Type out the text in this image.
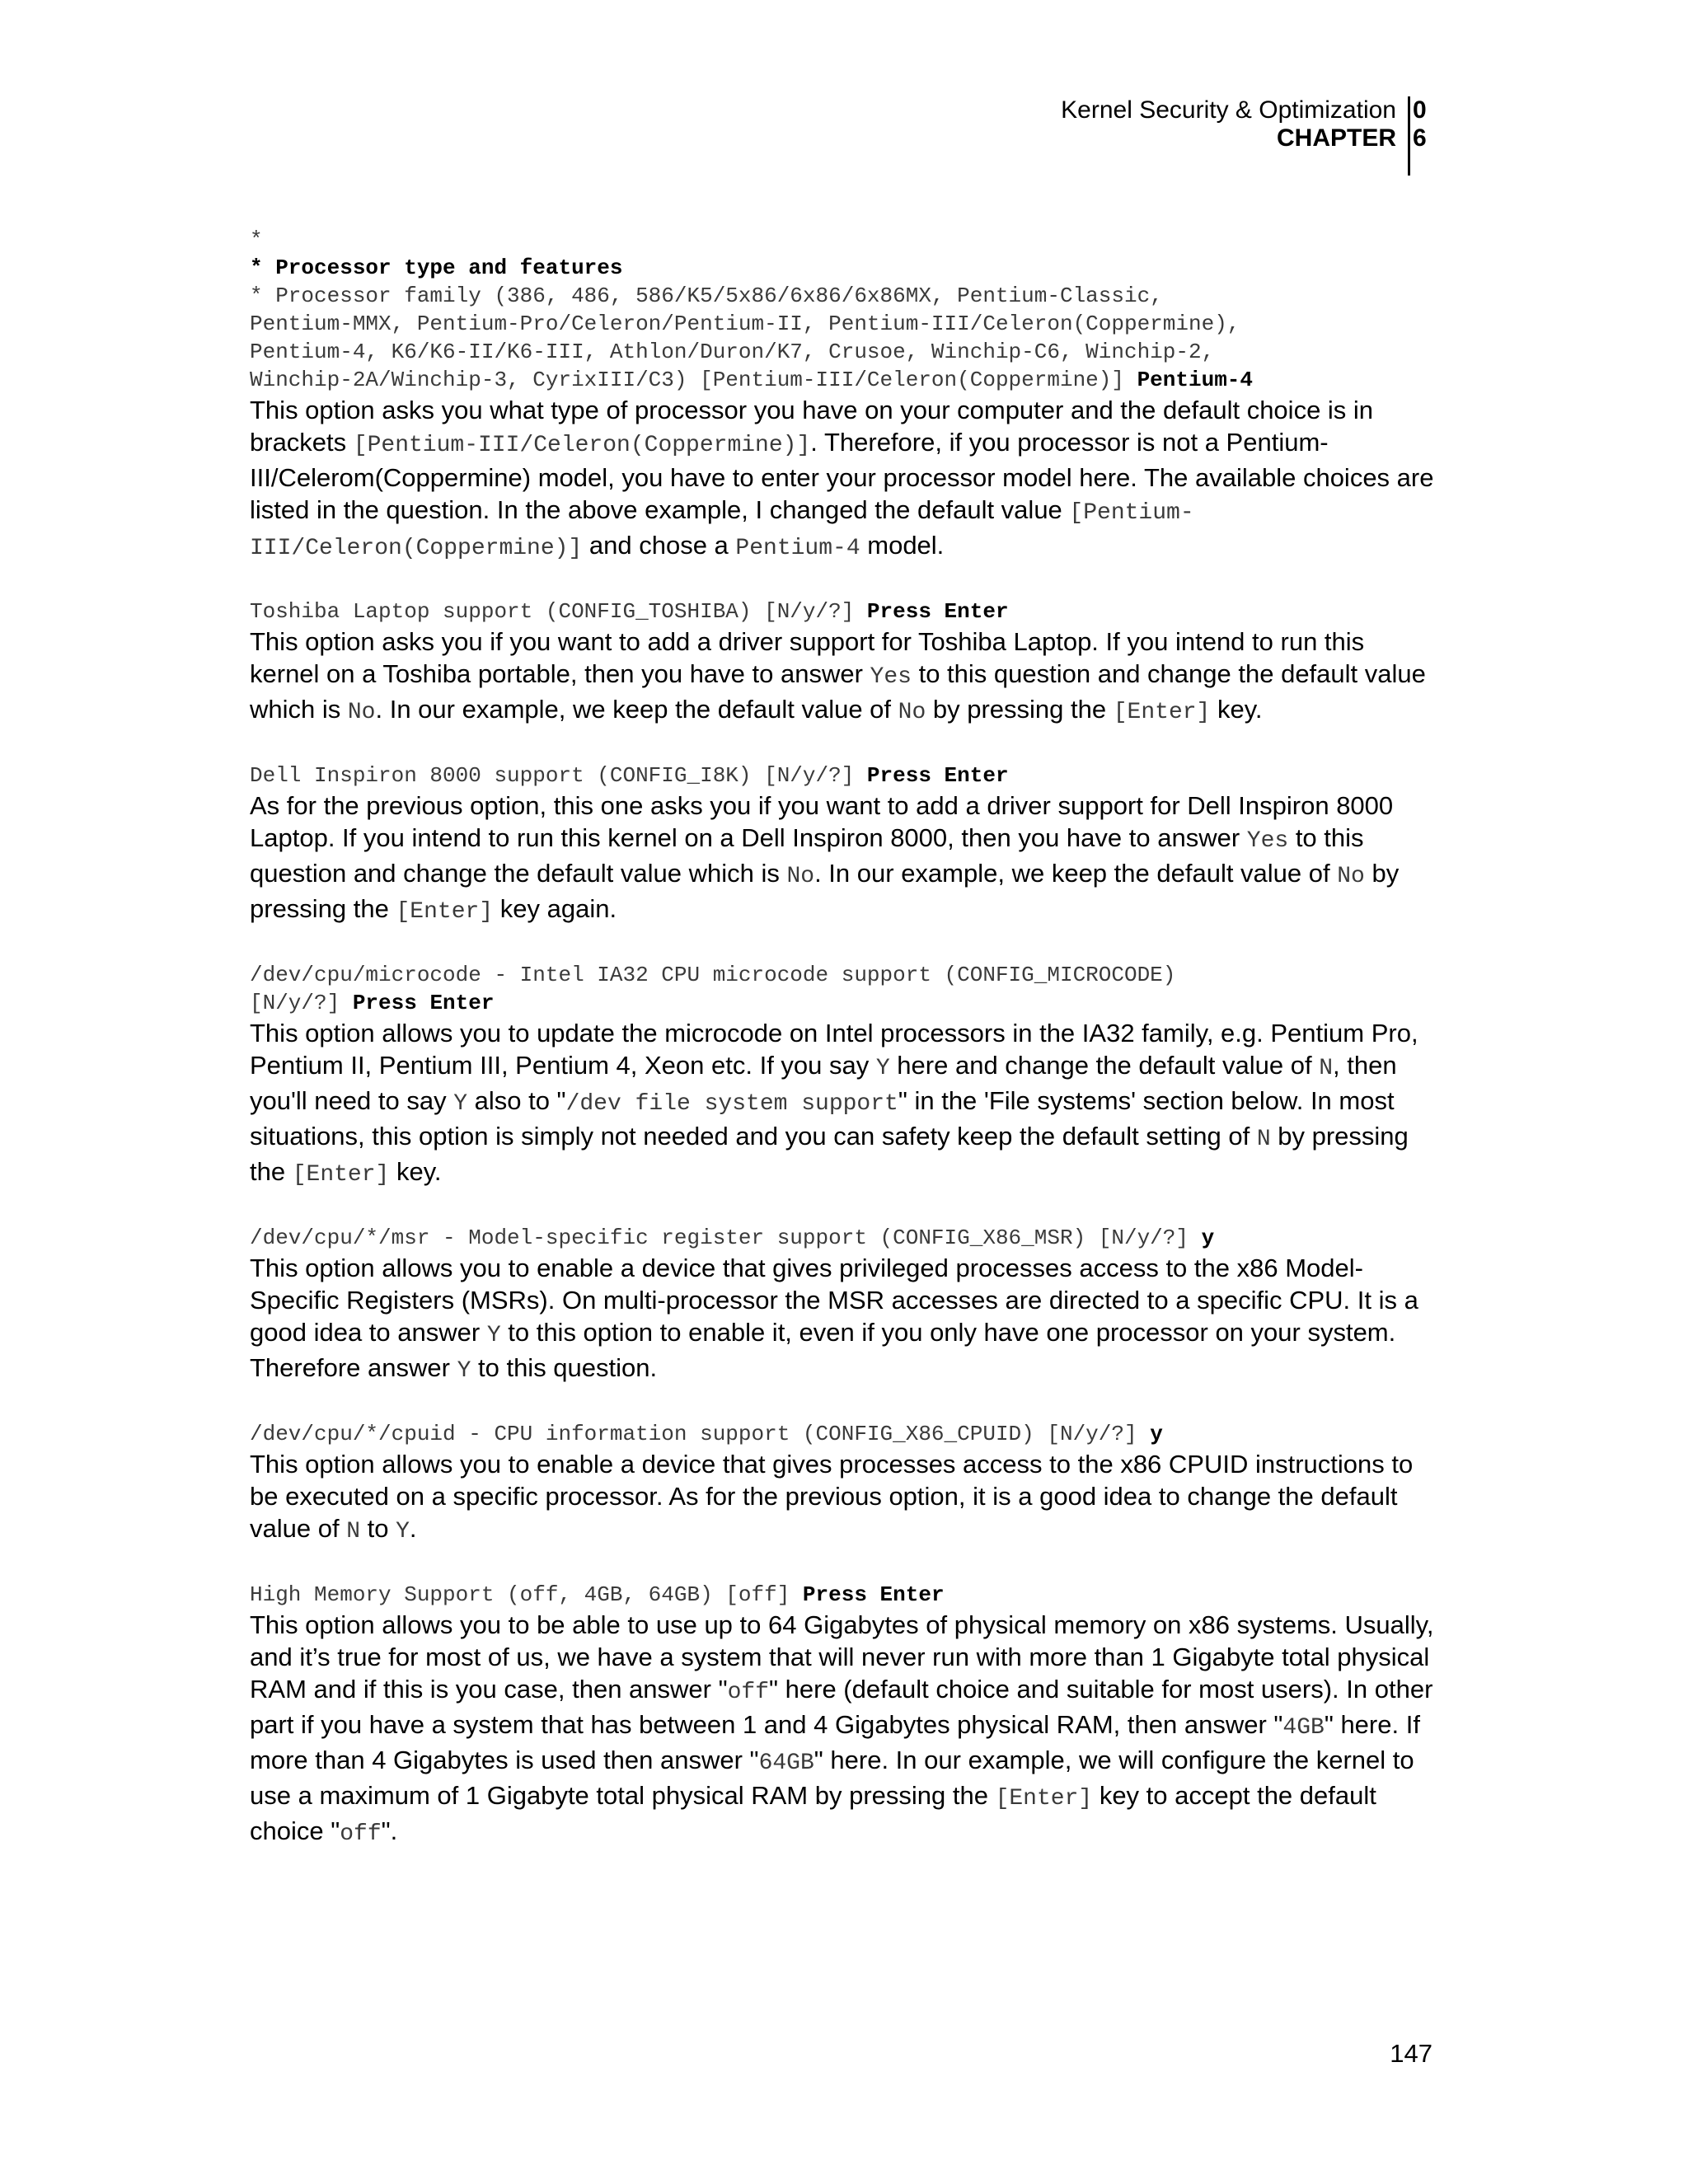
Kernel Security & Optimization
CHAPTER
0
6
*
* Processor type and features
* Processor family (386, 486, 586/K5/5x86/6x86/6x86MX, Pentium-Classic,
Pentium-MMX, Pentium-Pro/Celeron/Pentium-II, Pentium-III/Celeron(Coppermine),
Pentium-4, K6/K6-II/K6-III, Athlon/Duron/K7, Crusoe, Winchip-C6, Winchip-2,
Winchip-2A/Winchip-3, CyrixIII/C3) [Pentium-III/Celeron(Coppermine)] Pentium-4

This option asks you what type of processor you have on your computer and the default choice is in brackets [Pentium-III/Celeron(Coppermine)]. Therefore, if you processor is not a Pentium-III/Celerom(Coppermine) model, you have to enter your processor model here. The available choices are listed in the question. In the above example, I changed the default value [Pentium-III/Celeron(Coppermine)] and chose a Pentium-4 model.

Toshiba Laptop support (CONFIG_TOSHIBA) [N/y/?] Press Enter

This option asks you if you want to add a driver support for Toshiba Laptop. If you intend to run this kernel on a Toshiba portable, then you have to answer Yes to this question and change the default value which is No. In our example, we keep the default value of No by pressing the [Enter] key.

Dell Inspiron 8000 support (CONFIG_I8K) [N/y/?] Press Enter

As for the previous option, this one asks you if you want to add a driver support for Dell Inspiron 8000 Laptop. If you intend to run this kernel on a Dell Inspiron 8000, then you have to answer Yes to this question and change the default value which is No. In our example, we keep the default value of No by pressing the [Enter] key again.

/dev/cpu/microcode - Intel IA32 CPU microcode support (CONFIG_MICROCODE)
[N/y/?] Press Enter

This option allows you to update the microcode on Intel processors in the IA32 family, e.g. Pentium Pro, Pentium II, Pentium III, Pentium 4, Xeon etc. If you say Y here and change the default value of N, then you'll need to say Y also to "/dev file system support" in the 'File systems' section below. In most situations, this option is simply not needed and you can safety keep the default setting of N by pressing the [Enter] key.

/dev/cpu/*/msr - Model-specific register support (CONFIG_X86_MSR) [N/y/?] y

This option allows you to enable a device that gives privileged processes access to the x86 Model-Specific Registers (MSRs). On multi-processor the MSR accesses are directed to a specific CPU. It is a good idea to answer Y to this option to enable it, even if you only have one processor on your system. Therefore answer Y to this question.

/dev/cpu/*/cpuid - CPU information support (CONFIG_X86_CPUID) [N/y/?] y

This option allows you to enable a device that gives processes access to the x86 CPUID instructions to be executed on a specific processor. As for the previous option, it is a good idea to change the default value of N to Y.

High Memory Support (off, 4GB, 64GB) [off] Press Enter

This option allows you to be able to use up to 64 Gigabytes of physical memory on x86 systems. Usually, and it’s true for most of us, we have a system that will never run with more than 1 Gigabyte total physical RAM and if this is you case, then answer "off" here (default choice and suitable for most users). In other part if you have a system that has between 1 and 4 Gigabytes physical RAM, then answer "4GB" here. If more than 4 Gigabytes is used then answer "64GB" here. In our example, we will configure the kernel to use a maximum of 1 Gigabyte total physical RAM by pressing the [Enter] key to accept the default choice "off".

147
